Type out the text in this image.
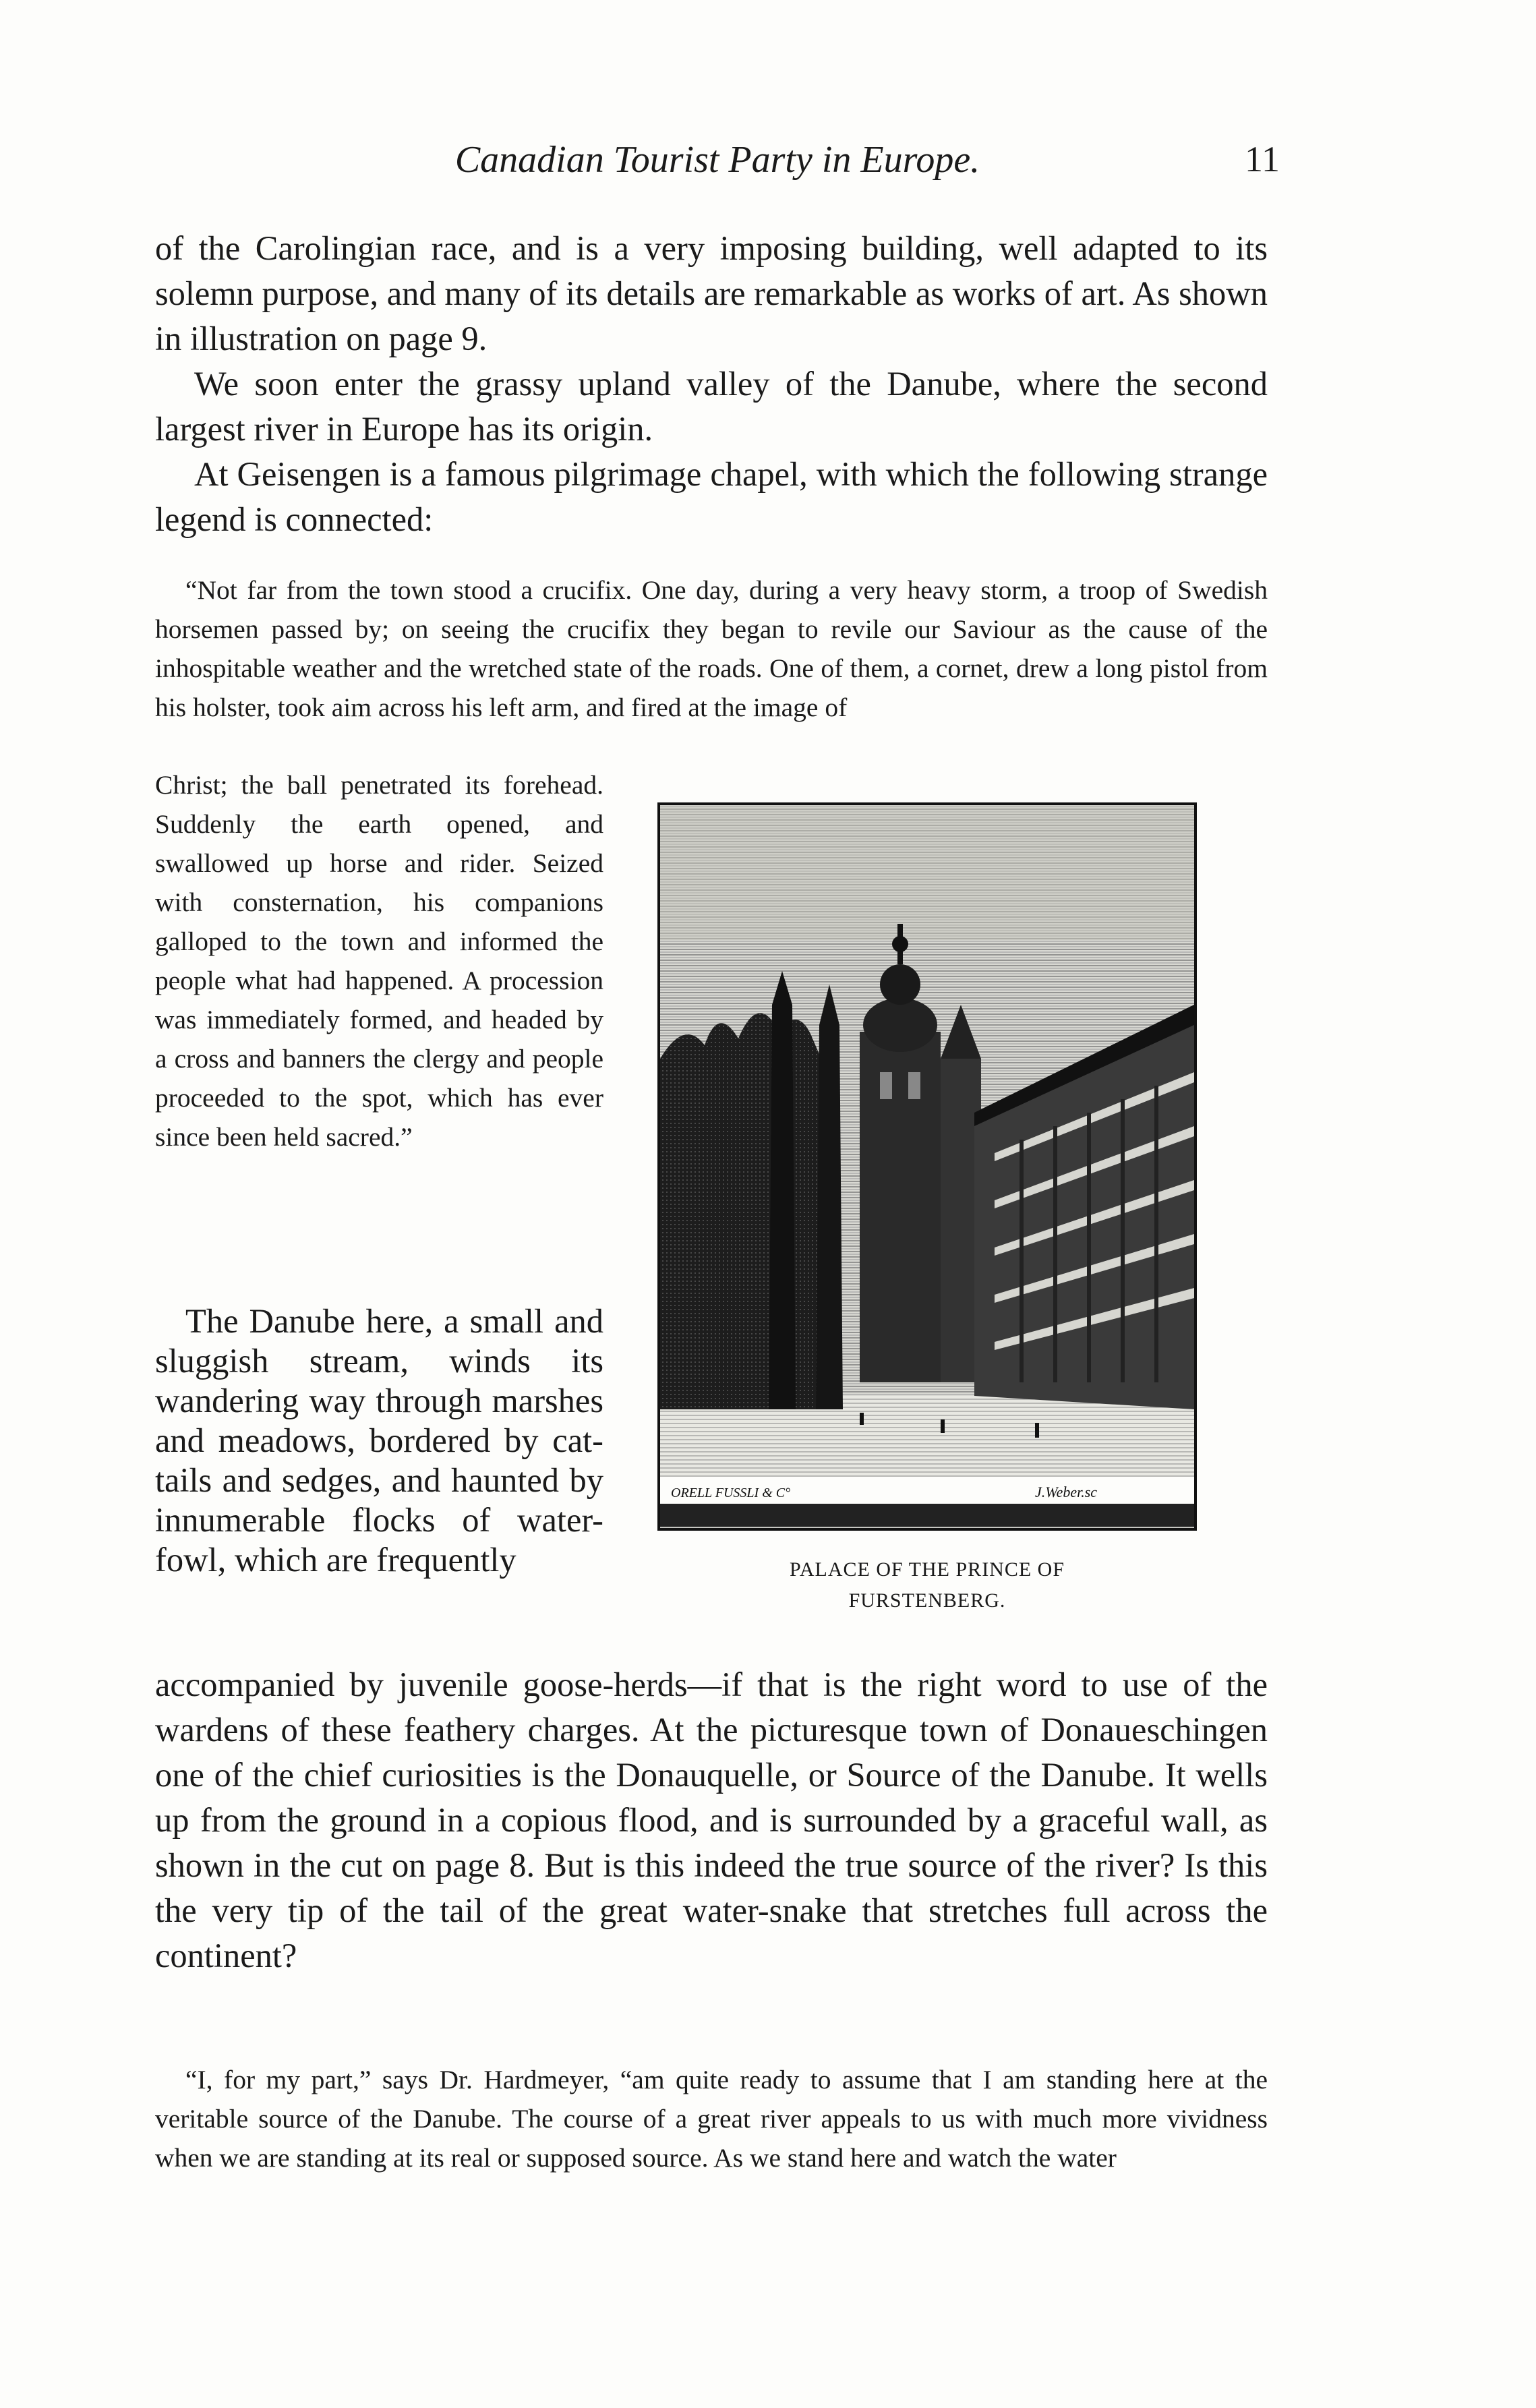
Canadian Tourist Party in Europe.	11

of the Carolingian race, and is a very imposing building, well adapted to its solemn purpose, and many of its details are remarkable as works of art. As shown in illustration on page 9.

We soon enter the grassy upland valley of the Danube, where the second largest river in Europe has its origin.

At Geisengen is a famous pilgrimage chapel, with which the following strange legend is connected:

“Not far from the town stood a crucifix. One day, during a very heavy storm, a troop of Swedish horsemen passed by; on seeing the crucifix they began to revile our Saviour as the cause of the inhospitable weather and the wretched state of the roads. One of them, a cornet, drew a long pistol from his holster, took aim across his left arm, and fired at the image of

Christ; the ball penetrated its forehead. Suddenly the earth opened, and swallowed up horse and rider. Seized with consternation, his companions galloped to the town and informed the people what had happened. A procession was immediately formed, and headed by a cross and banners the clergy and people proceeded to the spot, which has ever since been held sacred.”

The Danube here, a small and sluggish stream, winds its wandering way through marshes and meadows, bordered by cat-tails and sedges, and haunted by innumerable flocks of water-fowl, which are frequently

accompanied by juvenile goose-herds—if that is the right word to use of the wardens of these feathery charges. At the picturesque town of Donaueschingen one of the chief curiosities is the Donauquelle, or Source of the Danube. It wells up from the ground in a copious flood, and is surrounded by a graceful wall, as shown in the cut on page 8. But is this indeed the true source of the river? Is this the very tip of the tail of the great water-snake that stretches full across the continent?

“I, for my part,” says Dr. Hardmeyer, “am quite ready to assume that I am standing here at the veritable source of the Danube. The course of a great river appeals to us with much more vividness when we are standing at its real or supposed source. As we stand here and watch the water

ORELL FUSSLI & C°	J.Weber.sc
PALACE OF THE PRINCE OF
FURSTENBERG.
